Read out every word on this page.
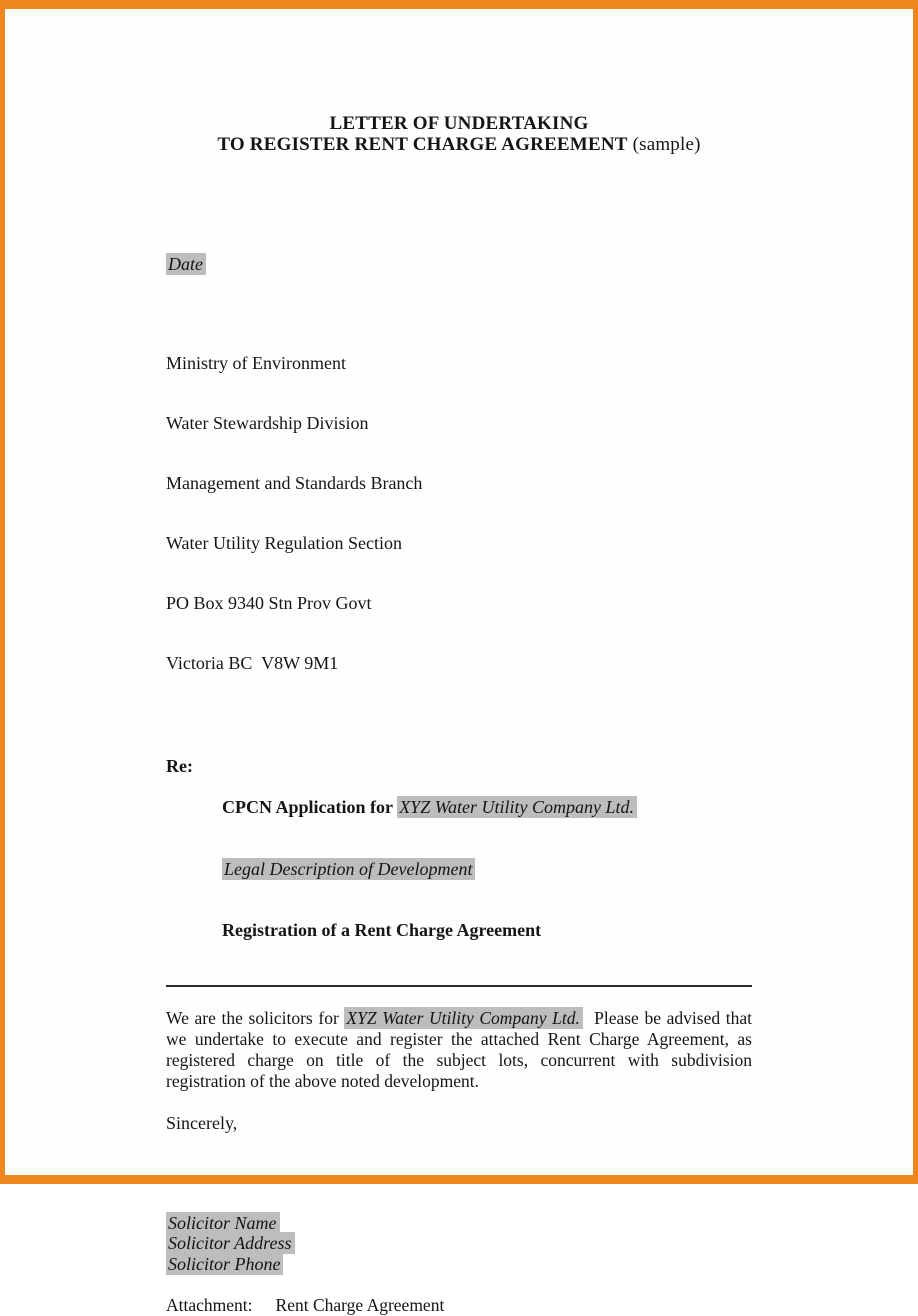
LETTER OF UNDERTAKING
TO REGISTER RENT CHARGE AGREEMENT (sample)
Date

Ministry of Environment

Water Stewardship Division

Management and Standards Branch

Water Utility Regulation Section

PO Box 9340 Stn Prov Govt

Victoria BC  V8W 9M1

Re:

CPCN Application for XYZ Water Utility Company Ltd.

Legal Description of Development

Registration of a Rent Charge Agreement

We are the solicitors for XYZ Water Utility Company Ltd.  Please be advised that we undertake to execute and register the attached Rent Charge Agreement, as registered charge on title of the subject lots, concurrent with subdivision registration of the above noted development.

Sincerely,
Solicitor Name
Solicitor Address
Solicitor Phone
Attachment: Rent Charge Agreement
